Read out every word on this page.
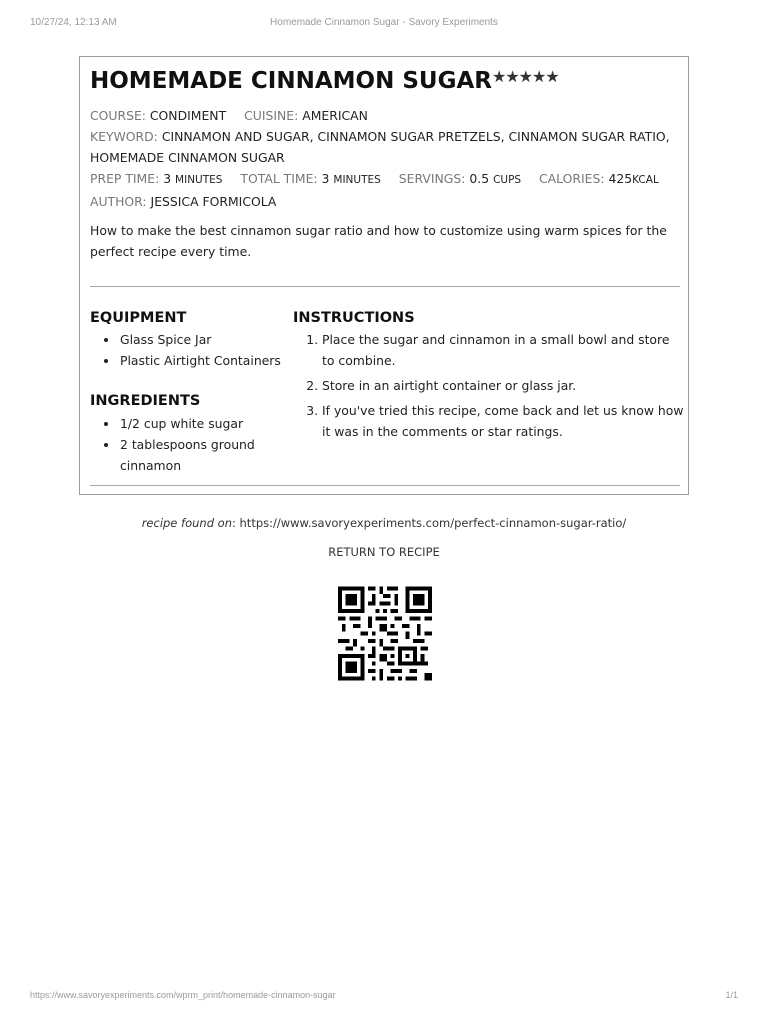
10/27/24, 12:13 AM	Homemade Cinnamon Sugar - Savory Experiments
HOMEMADE CINNAMON SUGAR★★★★★
COURSE: CONDIMENT CUISINE: AMERICAN
KEYWORD: CINNAMON AND SUGAR, CINNAMON SUGAR PRETZELS, CINNAMON SUGAR RATIO, HOMEMADE CINNAMON SUGAR
PREP TIME: 3 MINUTES TOTAL TIME: 3 MINUTES SERVINGS: 0.5 CUPS CALORIES: 425KCAL
AUTHOR: JESSICA FORMICOLA
How to make the best cinnamon sugar ratio and how to customize using warm spices for the perfect recipe every time.
EQUIPMENT
• Glass Spice Jar
• Plastic Airtight Containers
INGREDIENTS
• 1/2 cup white sugar
• 2 tablespoons ground cinnamon
INSTRUCTIONS
1. Place the sugar and cinnamon in a small bowl and store to combine.
2. Store in an airtight container or glass jar.
3. If you've tried this recipe, come back and let us know how it was in the comments or star ratings.
recipe found on: https://www.savoryexperiments.com/perfect-cinnamon-sugar-ratio/
RETURN TO RECIPE
https://www.savoryexperiments.com/wprm_print/homemade-cinnamon-sugar	1/1
